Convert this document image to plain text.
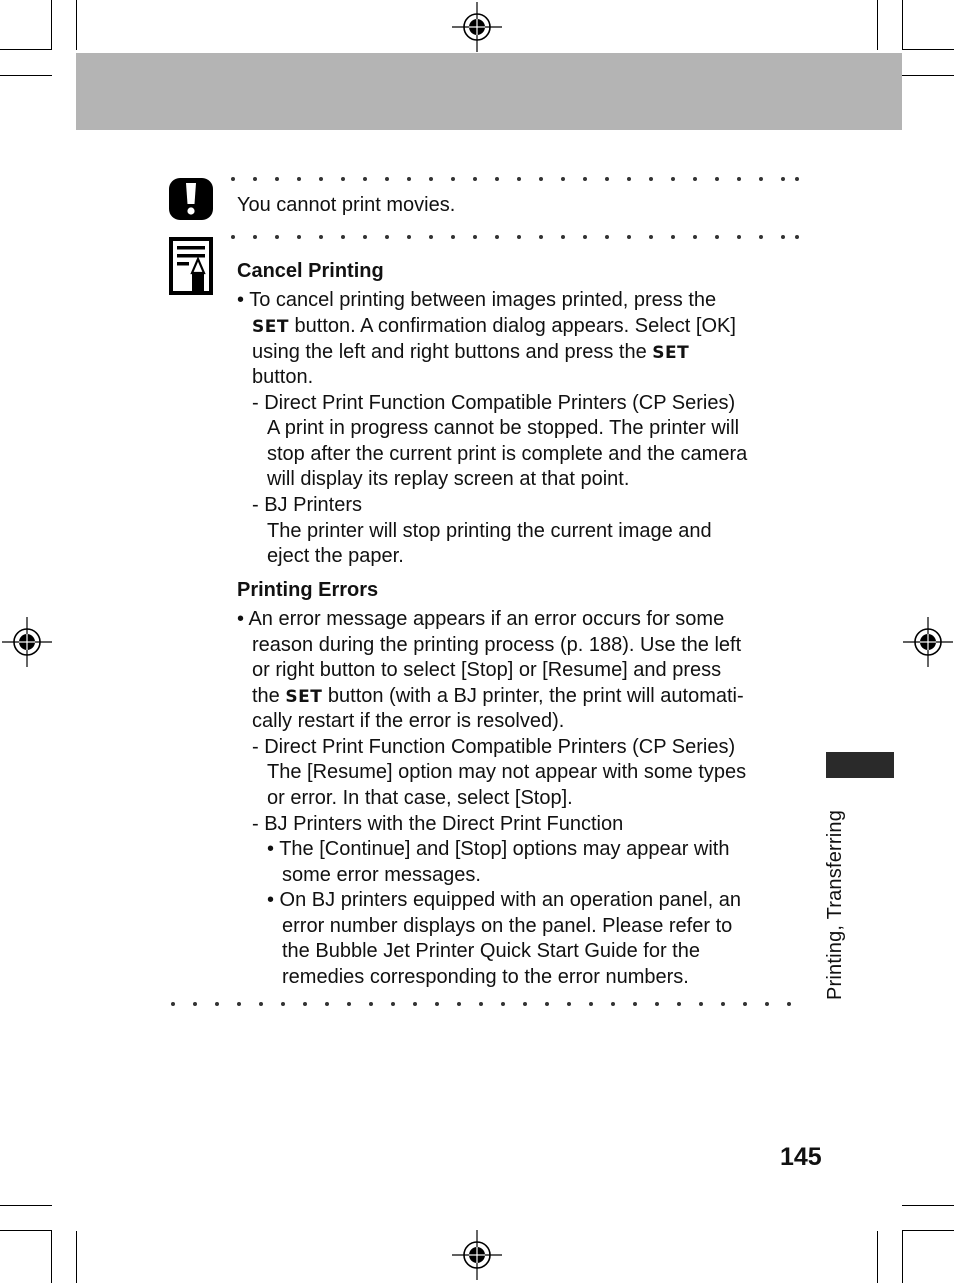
You cannot print movies.
Cancel Printing
• To cancel printing between images printed, press the
SET button. A confirmation dialog appears. Select [OK]
using the left and right buttons and press the SET
button.
- Direct Print Function Compatible Printers (CP Series)
A print in progress cannot be stopped. The printer will
stop after the current print is complete and the camera
will display its replay screen at that point.
- BJ Printers
The printer will stop printing the current image and
eject the paper.
Printing Errors
• An error message appears if an error occurs for some
reason during the printing process (p. 188). Use the left
or right button to select [Stop] or [Resume] and press
the SET button (with a BJ printer, the print will automati-
cally restart if the error is resolved).
- Direct Print Function Compatible Printers (CP Series)
The [Resume] option may not appear with some types
or error. In that case, select [Stop].
- BJ Printers with the Direct Print Function
• The [Continue] and [Stop] options may appear with
some error messages.
• On BJ printers equipped with an operation panel, an
error number displays on the panel. Please refer to
the Bubble Jet Printer Quick Start Guide for the
remedies corresponding to the error numbers.	Printing, Transferring
145
